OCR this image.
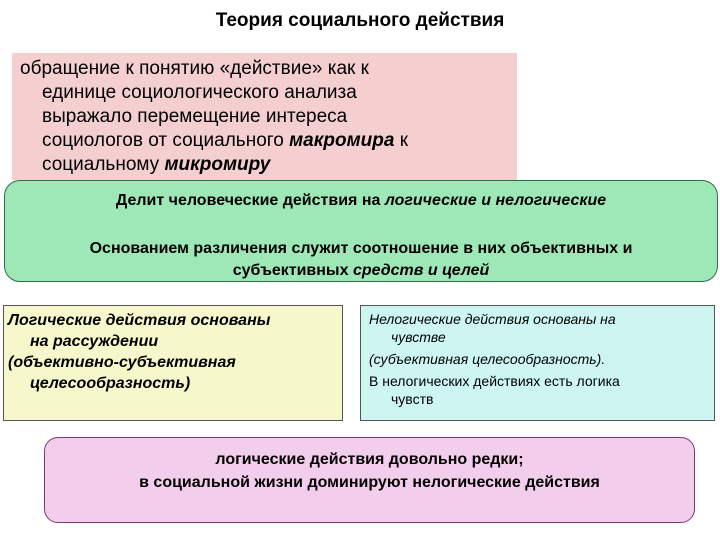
Теория социального действия
обращение к понятию «действие» как к
единице социологического анализа
выражало перемещение интереса
социологов от социального макромира к
социальному микромиру
Делит человеческие действия на логические и нелогические
Основанием различения служит соотношение в них объективных и
субъективных средств и целей
Логические действия основаны
на рассуждении
(объективно-субъективная
целесообразность)
Нелогические действия основаны на
чувстве
(субъективная целесообразность).
В нелогических действиях есть логика
чувств
логические действия довольно редки;
в социальной жизни доминируют нелогические действия
